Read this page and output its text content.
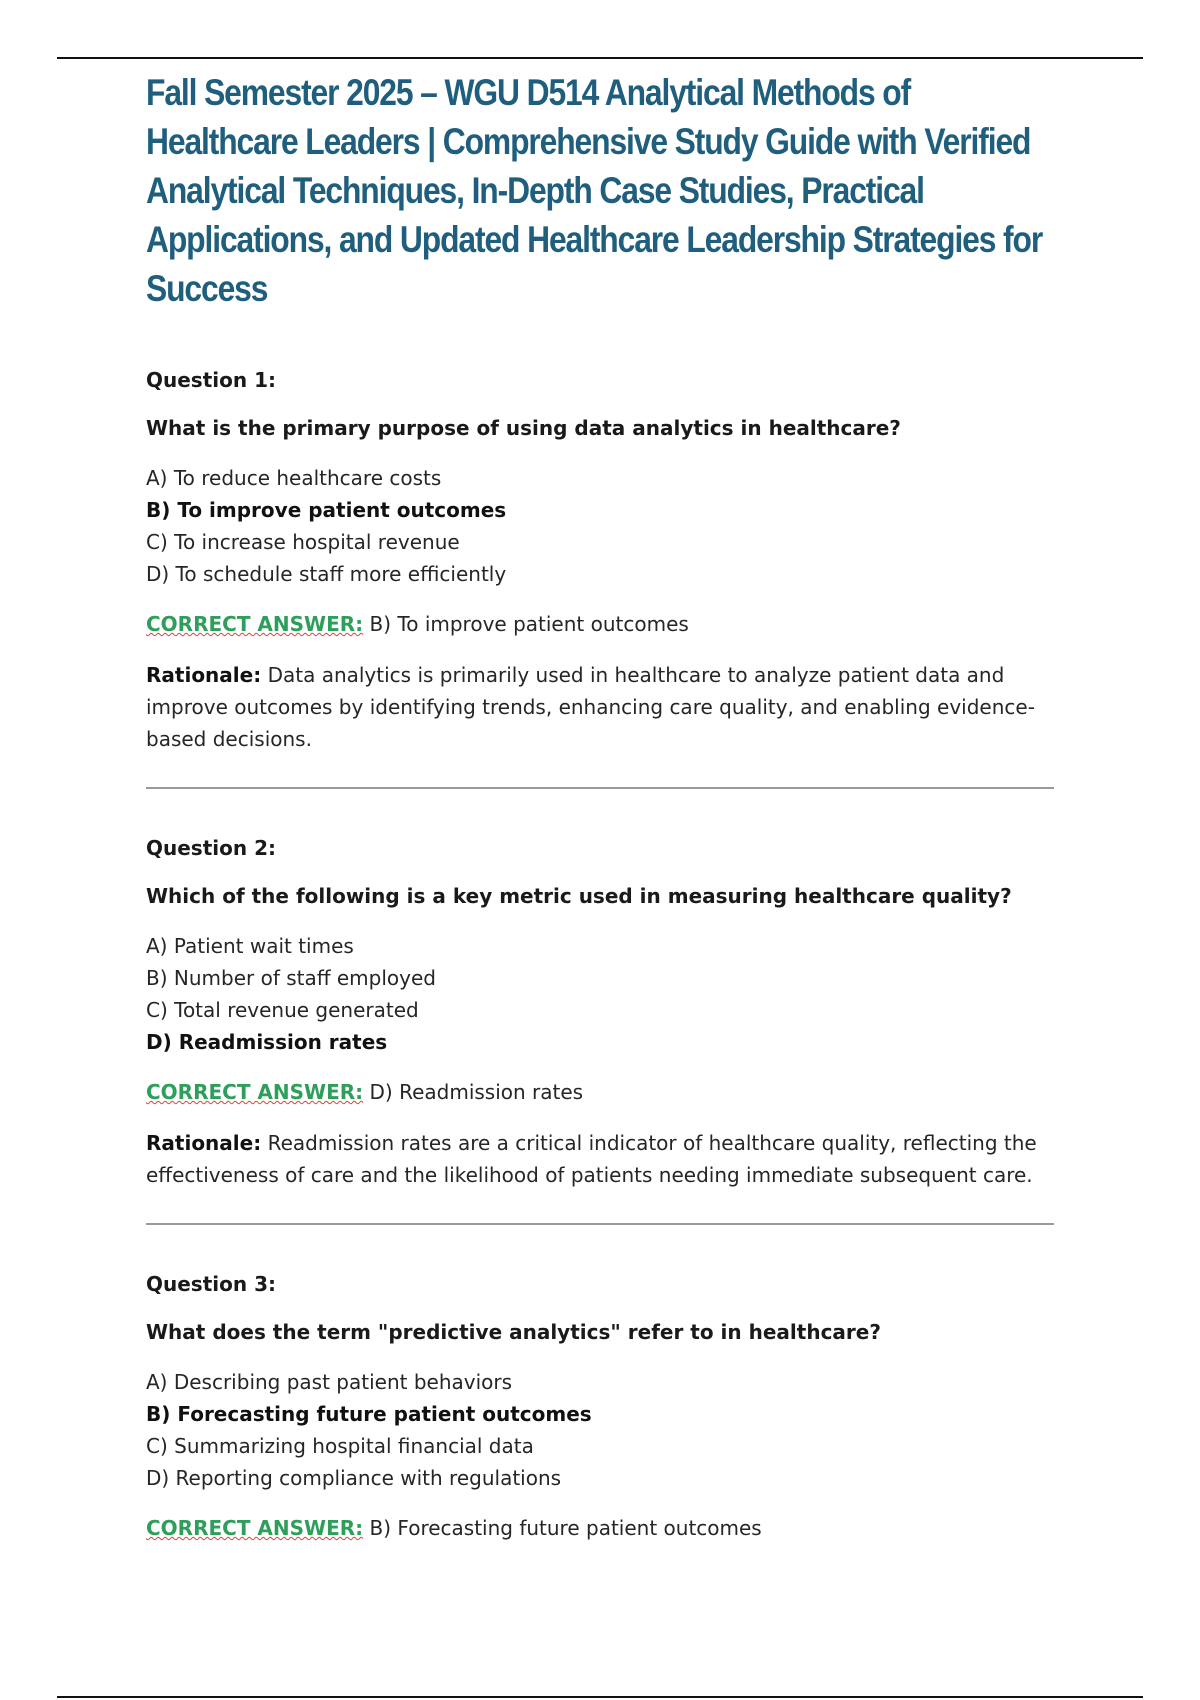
Fall Semester 2025 – WGU D514 Analytical Methods of Healthcare Leaders | Comprehensive Study Guide with Verified Analytical Techniques, In-Depth Case Studies, Practical Applications, and Updated Healthcare Leadership Strategies for Success

Question 1:

What is the primary purpose of using data analytics in healthcare?

A) To reduce healthcare costs
B) To improve patient outcomes
C) To increase hospital revenue
D) To schedule staff more efficiently

CORRECT ANSWER: B) To improve patient outcomes

Rationale: Data analytics is primarily used in healthcare to analyze patient data and improve outcomes by identifying trends, enhancing care quality, and enabling evidence-based decisions.

Question 2:

Which of the following is a key metric used in measuring healthcare quality?

A) Patient wait times
B) Number of staff employed
C) Total revenue generated
D) Readmission rates

CORRECT ANSWER: D) Readmission rates

Rationale: Readmission rates are a critical indicator of healthcare quality, reflecting the effectiveness of care and the likelihood of patients needing immediate subsequent care.

Question 3:

What does the term "predictive analytics" refer to in healthcare?

A) Describing past patient behaviors
B) Forecasting future patient outcomes
C) Summarizing hospital financial data
D) Reporting compliance with regulations

CORRECT ANSWER: B) Forecasting future patient outcomes
